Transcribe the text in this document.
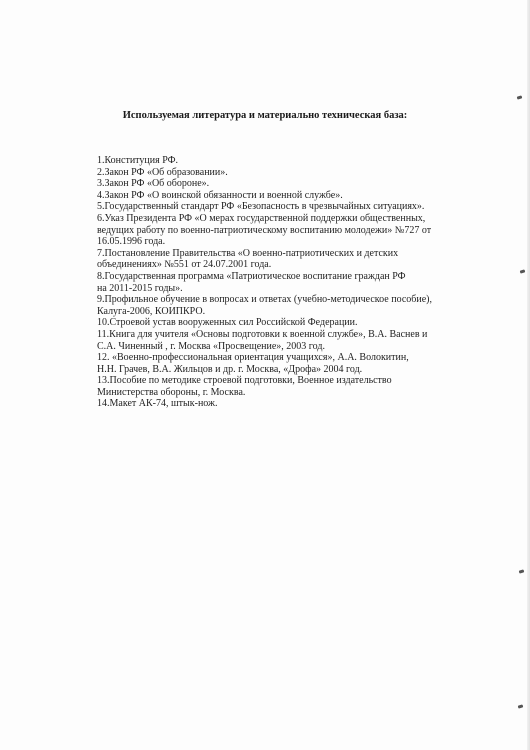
Используемая литература и материально техническая база:
1.Конституция РФ.
2.Закон РФ «Об образовании».
3.Закон РФ «Об обороне».
4.Закон РФ «О воинской обязанности и военной службе».
5.Государственный стандарт РФ «Безопасность в чрезвычайных ситуациях».
6.Указ Президента РФ «О мерах государственной поддержки общественных,
ведущих работу по военно-патриотическому воспитанию молодежи» №727 от
16.05.1996 года.
7.Постановление Правительства «О военно-патриотических и детских
объединениях» №551 от 24.07.2001 года.
8.Государственная программа «Патриотическое воспитание граждан РФ
на 2011-2015 годы».
9.Профильное обучение в вопросах и ответах (учебно-методическое пособие),
Калуга-2006, КОИПКРО.
10.Строевой устав вооруженных сил Российской Федерации.
11.Книга для учителя «Основы подготовки к военной службе», В.А. Васнев и
С.А. Чиненный , г. Москва «Просвещение», 2003 год.
12. «Военно-профессиональная ориентация учащихся», А.А. Волокитин,
Н.Н. Грачев, В.А. Жильцов и др. г. Москва, «Дрофа» 2004 год.
13.Пособие по методике строевой подготовки, Военное издательство
Министерства обороны, г. Москва.
14.Макет АК-74, штык-нож.
